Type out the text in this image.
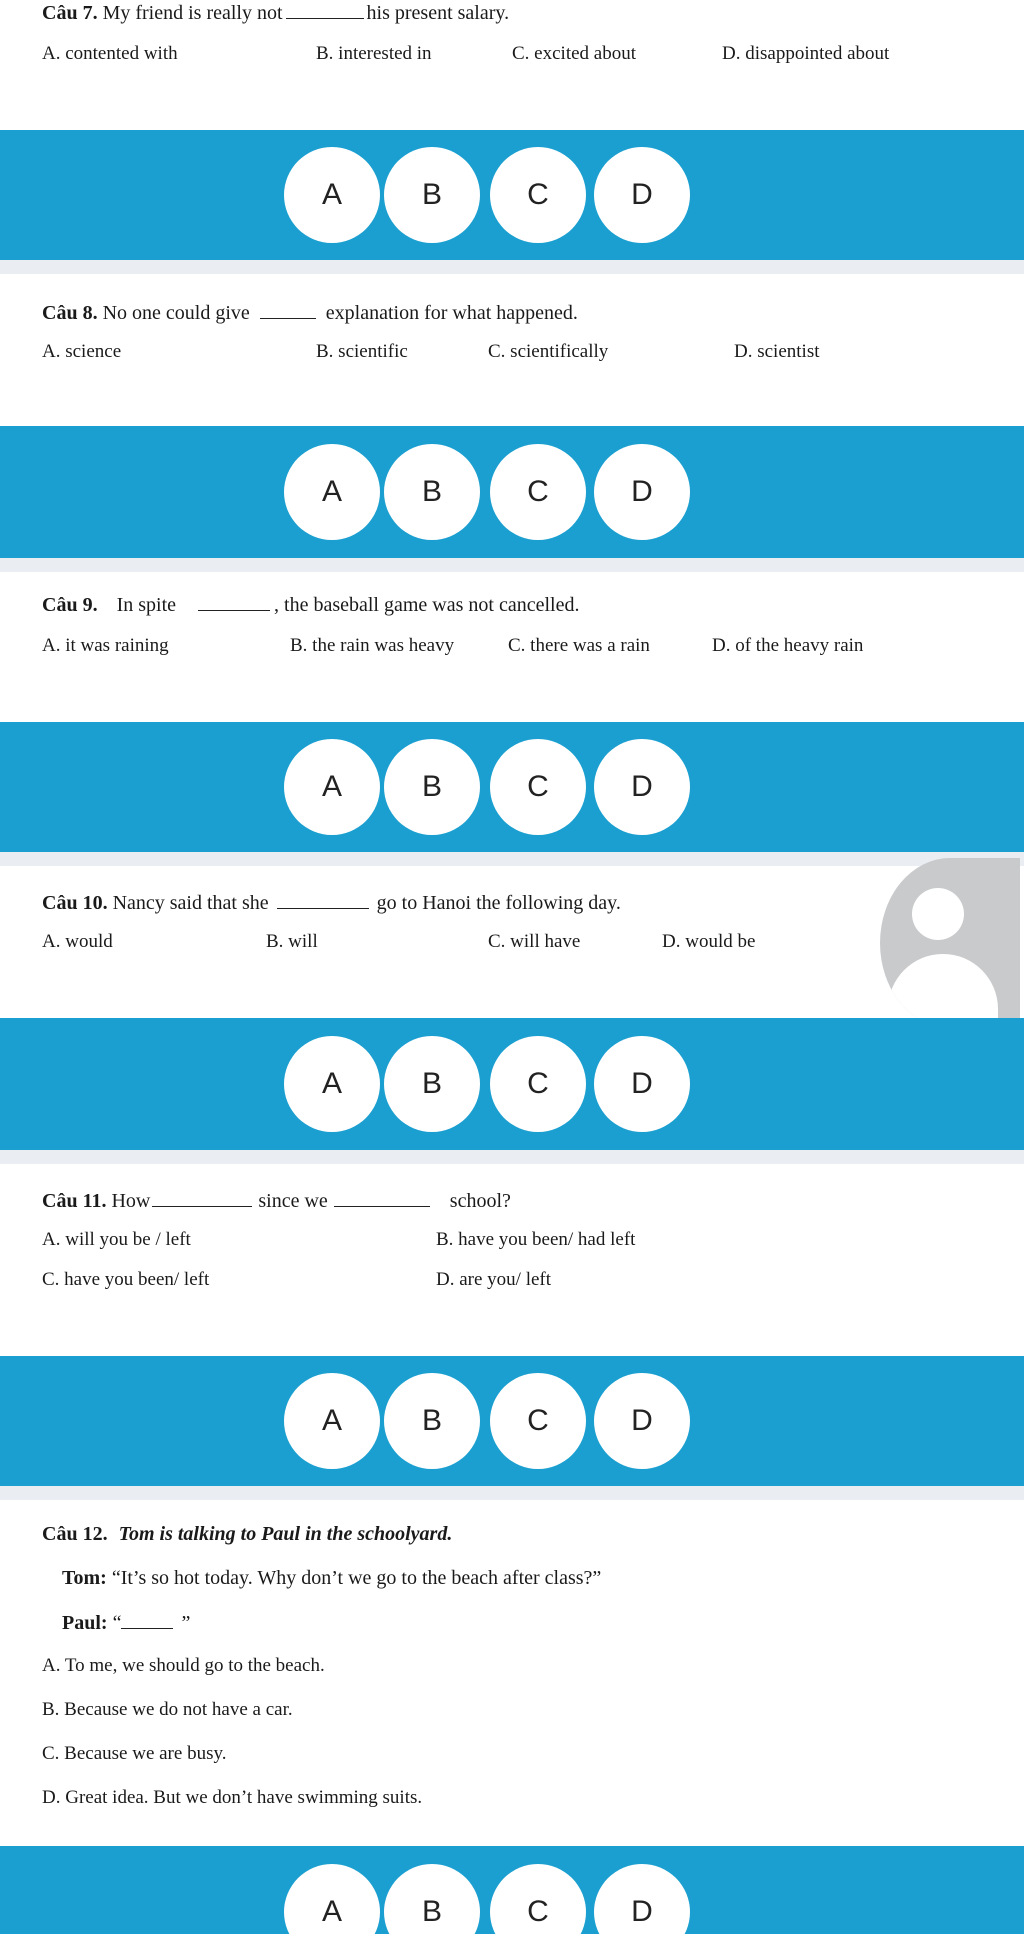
Câu 7. My friend is really not	his present salary.
A. contented with	B. interested in	C. excited about	D. disappointed about
A	B	C	D
Câu 8. No one could give	explanation for what happened.
A. science	B. scientific	C. scientifically	D. scientist
A	B	C	D
Câu 9. In spite	, the baseball game was not cancelled.
A. it was raining	B. the rain was heavy	C. there was a rain	D. of the heavy rain
A	B	C	D
Câu 10. Nancy said that she	go to Hanoi the following day.
A. would	B. will	C. will have	D. would be
A	B	C	D
Câu 11. How	since we	school?
A. will you be / left	B. have you been/ had left
C. have you been/ left	D. are you/ left
A	B	C	D
Câu 12. Tom is talking to Paul in the schoolyard.
Tom: “It’s so hot today. Why don’t we go to the beach after class?”
Paul: “	”
A. To me, we should go to the beach.
B. Because we do not have a car.
C. Because we are busy.
D. Great idea. But we don’t have swimming suits.
A	B	C	D
